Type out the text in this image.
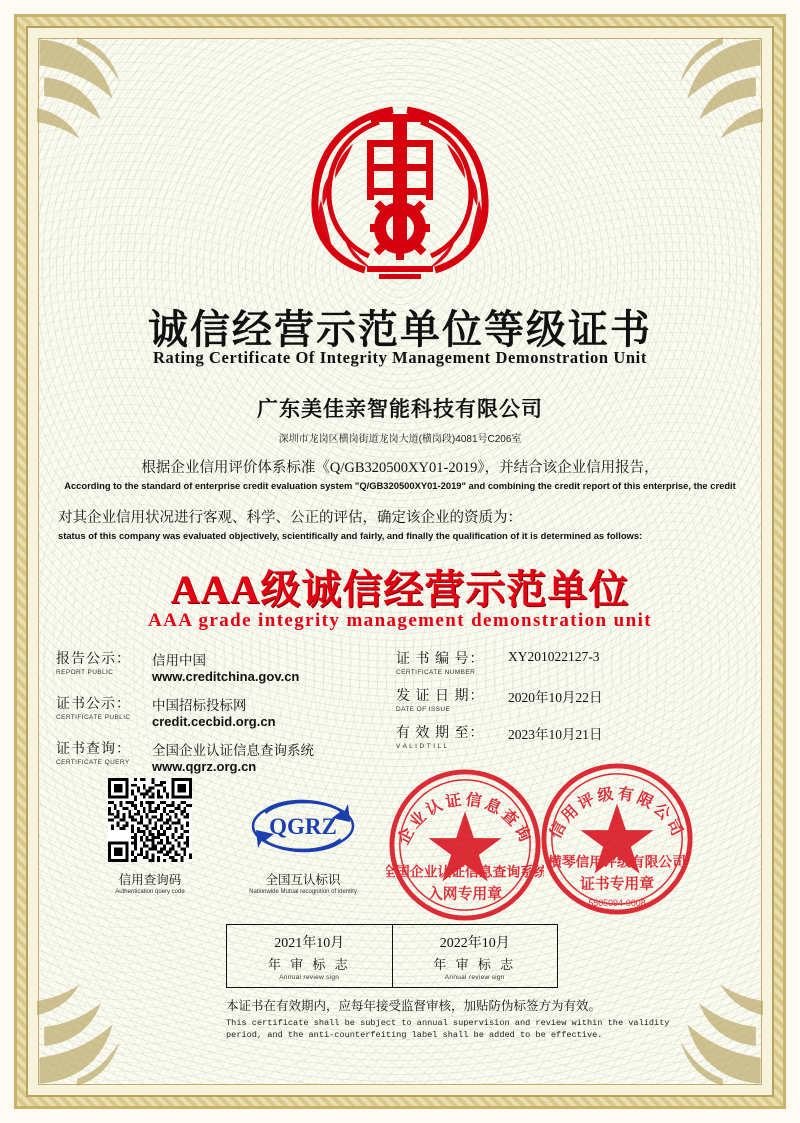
诚信经营示范单位等级证书
Rating Certificate Of Integrity Management Demonstration Unit
广东美佳亲智能科技有限公司
深圳市龙岗区横岗街道龙岗大道(横岗段)4081号C206室
根据企业信用评价体系标准《Q/GB320500XY01-2019》，并结合该企业信用报告，
According to the standard of enterprise credit evaluation system "Q/GB320500XY01-2019" and combining the credit report of this enterprise, the credit
对其企业信用状况进行客观、科学、公正的评估，确定该企业的资质为：
status of this company was evaluated objectively, scientifically and fairly, and finally the qualification of it is determined as follows:
AAA级诚信经营示范单位
AAA grade integrity management demonstration unit
报告公示：
REPORT PUBLIC
信用中国
www.creditchina.gov.cn
证书公示：
CERTIFICATE PUBLIC
中国招标投标网
credit.cecbid.org.cn
证书查询：
CERTIFICATE QUERY
全国企业认证信息查询系统
www.qgrz.org.cn
证 书 编 号：
CERTIFICATE NUMBER
XY201022127-3
发 证 日 期：
DATE OF ISSUE
2020年10月22日
有 效 期 至：
V A L I D T I L L
2023年10月21日
信用查询码
Authentication query code
QGRZ
全国互认标识
Nationwide Mutual recognition of identity
企业认证信息查询
全国企业认证信息查询系统
入网专用章
信用评级有限公司
横琴信用评级有限公司
证书专用章
5505094-0008
2021年10月
年 审 标 志
Annual review sign
2022年10月
年 审 标 志
Annual review sign
本证书在有效期内，应每年接受监督审核，加贴防伪标签方为有效。
This certificate shall be subject to annual supervision and review within the validity period, and the anti-counterfeiting label shall be added to be effective.
